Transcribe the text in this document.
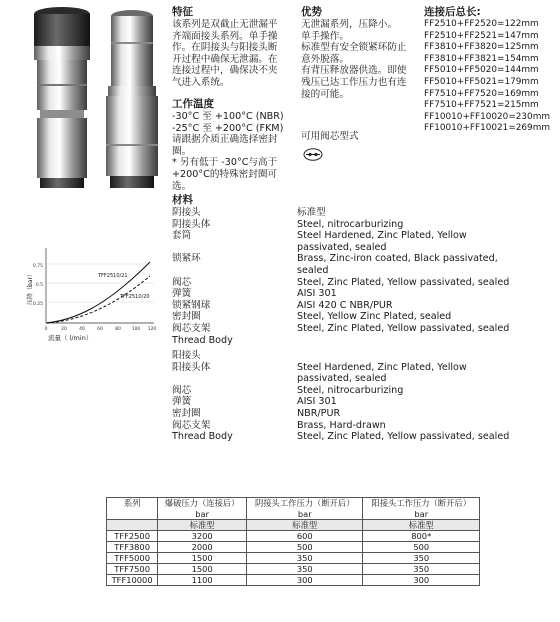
特征
该系列是双截止无泄漏平
齐端面接头系列。单手操
作。在阴接头与阳接头断
开过程中确保无泄漏。在
连接过程中，确保决不夹
气进入系统。
优势
无泄漏系列，压降小。
单手操作。
标准型有安全锁紧环防止
意外脱落。
有背压释放器供选。即使
残压已达工作压力也有连
接的可能。
连接后总长:
FF2510+FF2520=122mm
FF2510+FF2521=147mm
FF3810+FF3820=125mm
FF3810+FF3821=154mm
FF5010+FF5020=144mm
FF5010+FF5021=179mm
FF7510+FF7520=169mm
FF7510+FF7521=215mm
FF10010+FF10020=230mm
FF10010+FF10021=269mm
工作温度
-30°C 至 +100°C (NBR)
-25°C 至 +200°C (FKM)
请跟据介质正确选择密封
圈。
* 另有低于 -30°C与高于
+200°C的特殊密封圈可
选。
可用阀芯型式
TFF2510/21
TFF2510/20
0.75
0.5
0.25
0	20	40	60	80 100 120
压降（bar）
流量（ l/min）
材料
阴接头	标准型
阴接头体	Steel, nitrocarburizing
套筒	Steel Hardened, Zinc Plated, Yellow passivated, sealed
锁紧环	Brass, Zinc-iron coated, Black passivated, sealed
阀芯	Steel, Zinc Plated, Yellow passivated, sealed
弹簧	AISI 301
锁紧钢球	AISI 420 C NBR/PUR
密封圈	Steel, Yellow Zinc Plated, sealed
阀芯支架	Steel, Zinc Plated, Yellow passivated, sealed
Thread Body
阳接头
阳接头体	Steel Hardened, Zinc Plated, Yellow passivated, sealed
阀芯	Steel, nitrocarburizing
弹簧	AISI 301
密封圈	NBR/PUR
阀芯支架	Brass, Hard-drawn
Thread Body	Steel, Zinc Plated, Yellow passivated, sealed
系列	爆破压力（连接后）	阴接头工作压力（断开后）	阳接头工作压力（断开后）
	bar	bar	bar
	标准型	标准型	标准型
TFF2500	3200	600	800*
TFF3800	2000	500	500
TFF5000	1500	350	350
TFF7500	1500	350	350
TFF10000	1100	300	300
